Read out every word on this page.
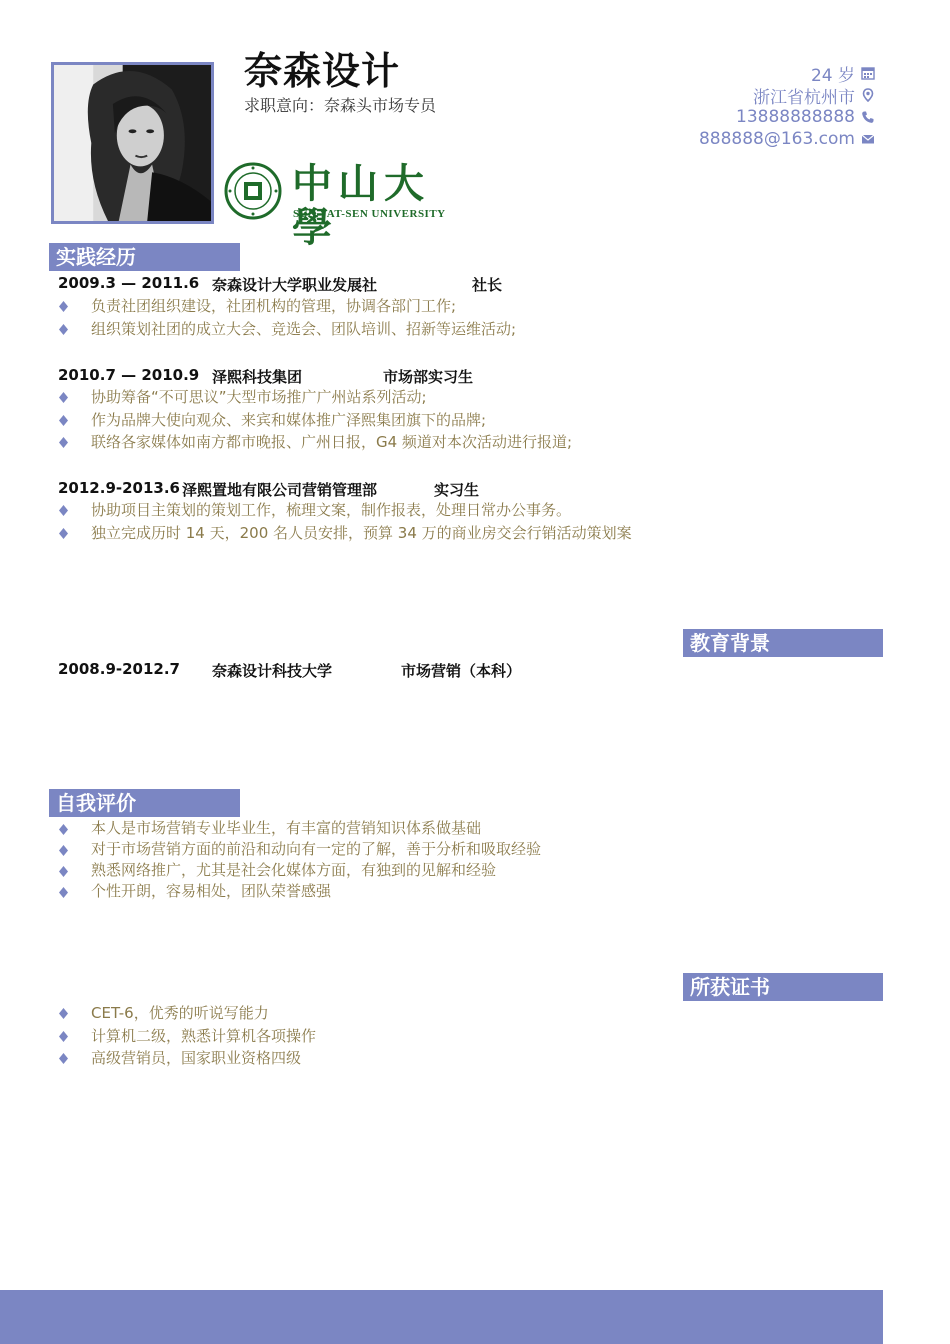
奈森设计
求职意向：奈森头市场专员
中山大學
SUN YAT-SEN UNIVERSITY
24 岁
浙江省杭州市
13888888888
888888@163.com
实践经历
2009.3 — 2011.6 奈森设计大学职业发展社	社长
负责社团组织建设，社团机构的管理，协调各部门工作;
组织策划社团的成立大会、竞选会、团队培训、招新等运维活动;
2010.7 — 2010.9 泽熙科技集团	市场部实习生
协助筹备“不可思议”大型市场推广广州站系列活动;
作为品牌大使向观众、来宾和媒体推广泽熙集团旗下的品牌;
联络各家媒体如南方都市晚报、广州日报，G4 频道对本次活动进行报道;
2012.9-2013.6 泽熙置地有限公司营销管理部	实习生
协助项目主策划的策划工作，梳理文案，制作报表，处理日常办公事务。
独立完成历时 14 天，200 名人员安排，预算 34 万的商业房交会行销活动策划案
教育背景
2008.9-2012.7 奈森设计科技大学	市场营销（本科）
自我评价
本人是市场营销专业毕业生，有丰富的营销知识体系做基础
对于市场营销方面的前沿和动向有一定的了解，善于分析和吸取经验
熟悉网络推广，尤其是社会化媒体方面，有独到的见解和经验
个性开朗，容易相处，团队荣誉感强
所获证书
CET-6，优秀的听说写能力
计算机二级，熟悉计算机各项操作
高级营销员，国家职业资格四级
